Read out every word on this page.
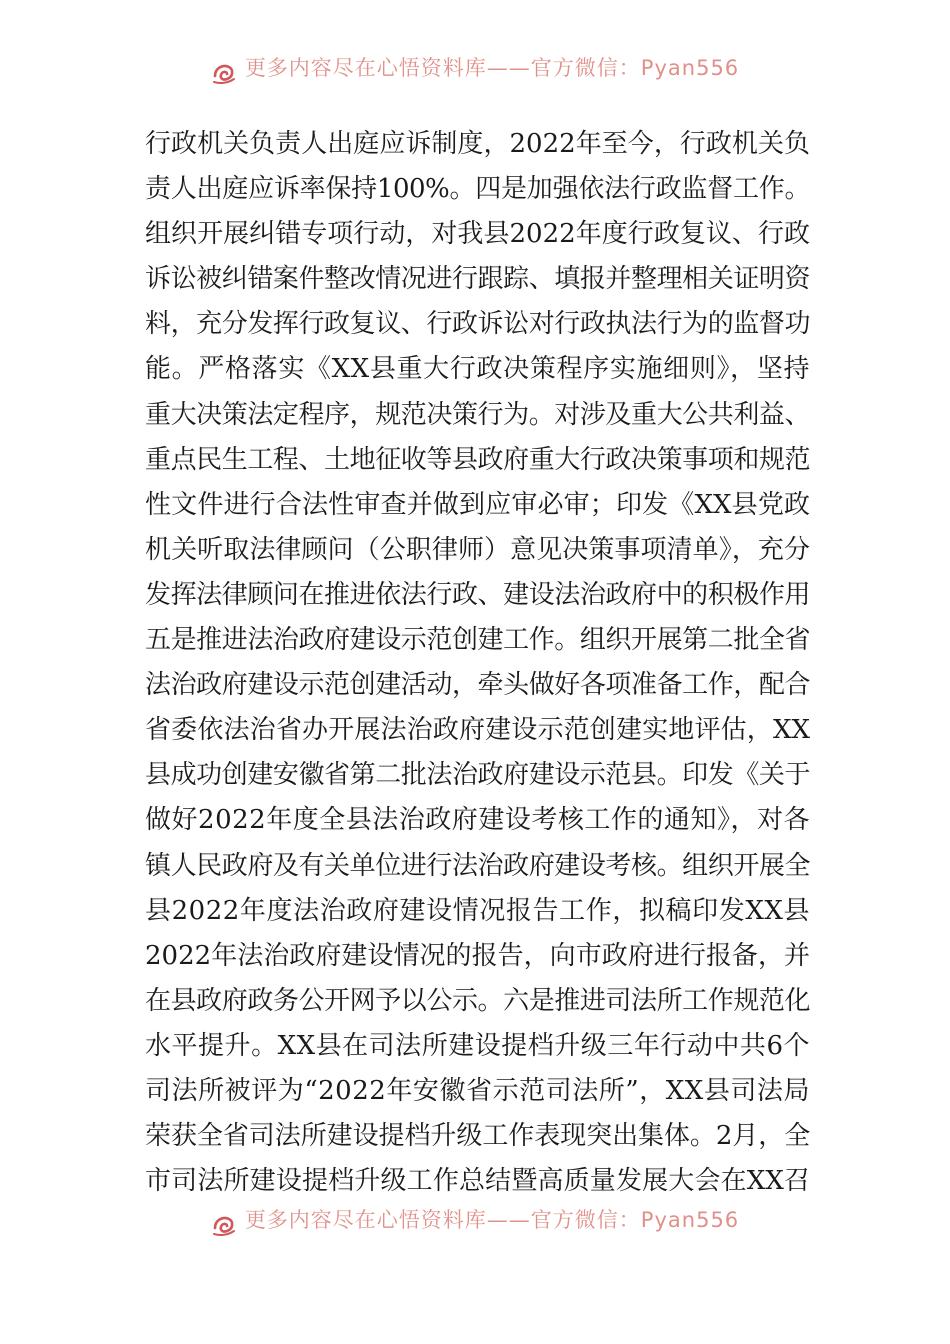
更多内容尽在心悟资料库——官方微信：Pyan556
行政机关负责人出庭应诉制度，2022年至今，行政机关负
责人出庭应诉率保持100%。四是加强依法行政监督工作。
组织开展纠错专项行动，对我县2022年度行政复议、行政
诉讼被纠错案件整改情况进行跟踪、填报并整理相关证明资
料，充分发挥行政复议、行政诉讼对行政执法行为的监督功
能。严格落实《XX县重大行政决策程序实施细则》，坚持
重大决策法定程序，规范决策行为。对涉及重大公共利益、
重点民生工程、土地征收等县政府重大行政决策事项和规范
性文件进行合法性审查并做到应审必审；印发《XX县党政
机关听取法律顾问（公职律师）意见决策事项清单》，充分
发挥法律顾问在推进依法行政、建设法治政府中的积极作用
五是推进法治政府建设示范创建工作。组织开展第二批全省
法治政府建设示范创建活动，牵头做好各项准备工作，配合
省委依法治省办开展法治政府建设示范创建实地评估，XX
县成功创建安徽省第二批法治政府建设示范县。印发《关于
做好2022年度全县法治政府建设考核工作的通知》，对各
镇人民政府及有关单位进行法治政府建设考核。组织开展全
县2022年度法治政府建设情况报告工作，拟稿印发XX县
2022年法治政府建设情况的报告，向市政府进行报备，并
在县政府政务公开网予以公示。六是推进司法所工作规范化
水平提升。XX县在司法所建设提档升级三年行动中共6个
司法所被评为“2022年安徽省示范司法所”，XX县司法局
荣获全省司法所建设提档升级工作表现突出集体。2月，全
市司法所建设提档升级工作总结暨高质量发展大会在XX召
更多内容尽在心悟资料库——官方微信：Pyan556
